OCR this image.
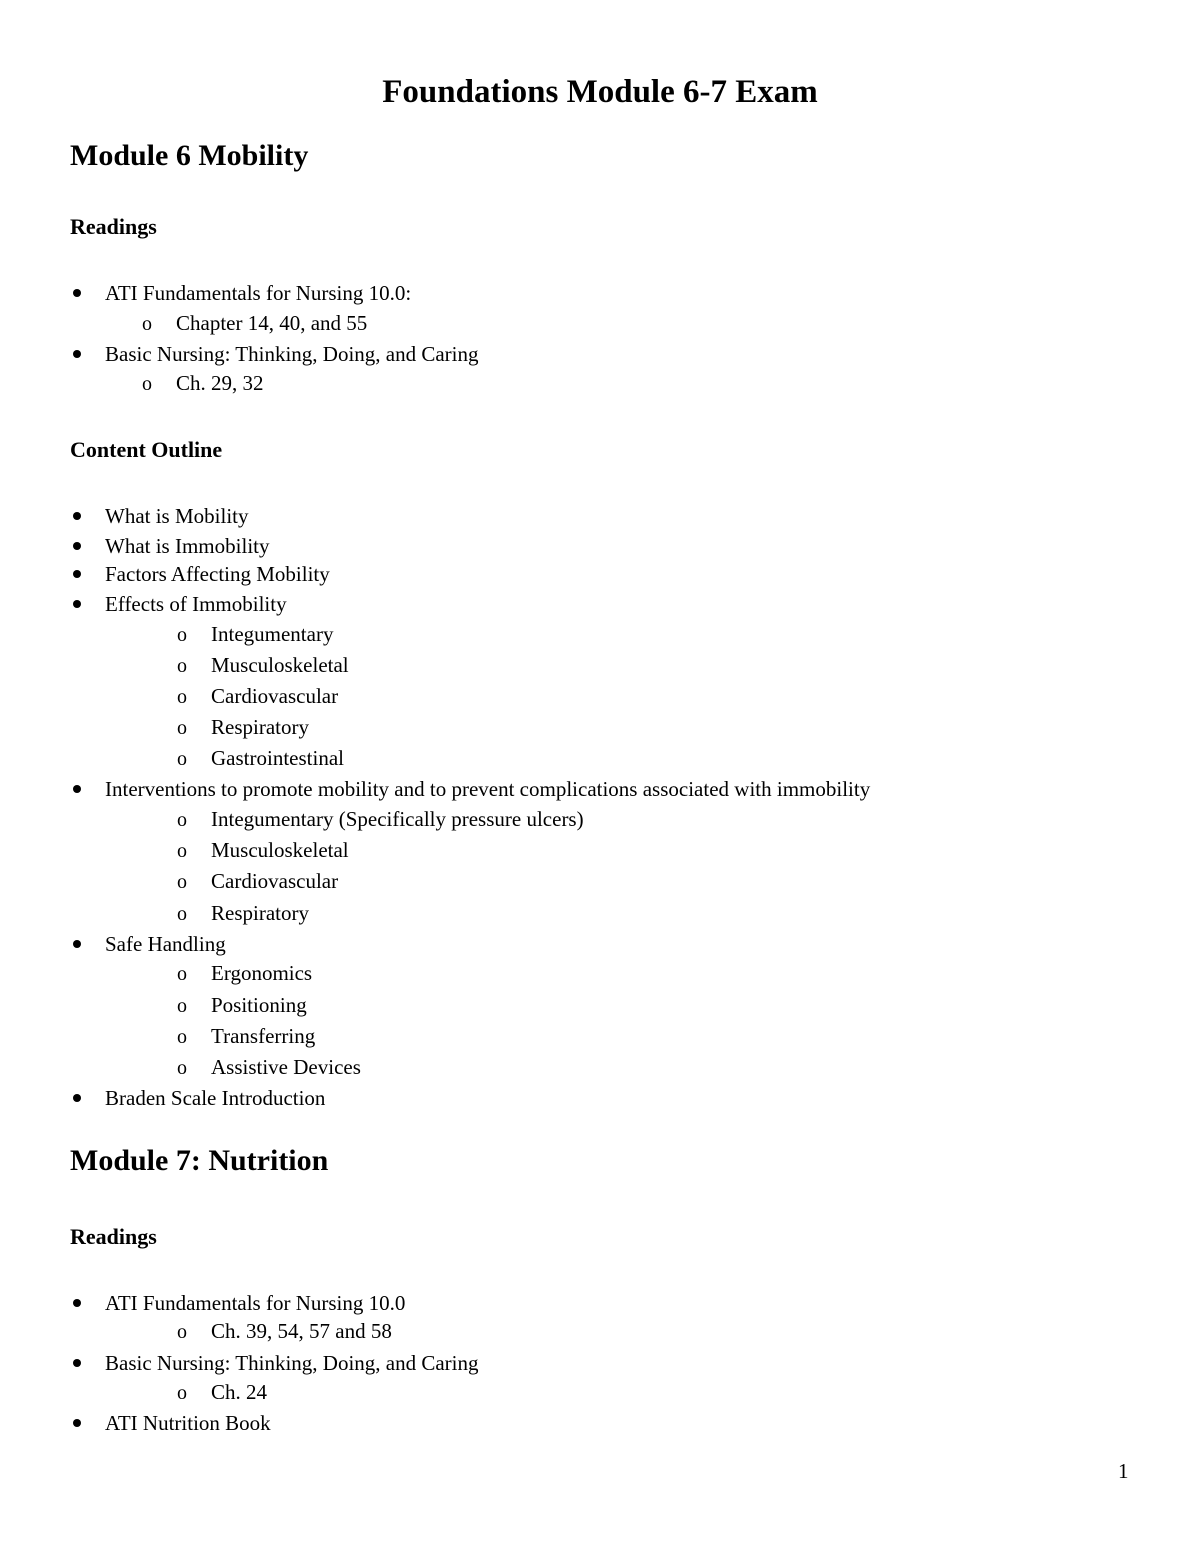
Foundations Module 6-7 Exam
Module 6 Mobility
Readings
ATI Fundamentals for Nursing 10.0:
o Chapter 14, 40, and 55
Basic Nursing: Thinking, Doing, and Caring
o Ch. 29, 32
Content Outline
What is Mobility
What is Immobility
Factors Affecting Mobility
Effects of Immobility
o Integumentary
o Musculoskeletal
o Cardiovascular
o Respiratory
o Gastrointestinal
Interventions to promote mobility and to prevent complications associated with immobility
o Integumentary (Specifically pressure ulcers)
o Musculoskeletal
o Cardiovascular
o Respiratory
Safe Handling
o Ergonomics
o Positioning
o Transferring
o Assistive Devices
Braden Scale Introduction
Module 7: Nutrition
Readings
ATI Fundamentals for Nursing 10.0
o Ch. 39, 54, 57 and 58
Basic Nursing: Thinking, Doing, and Caring
o Ch. 24
ATI Nutrition Book
1
